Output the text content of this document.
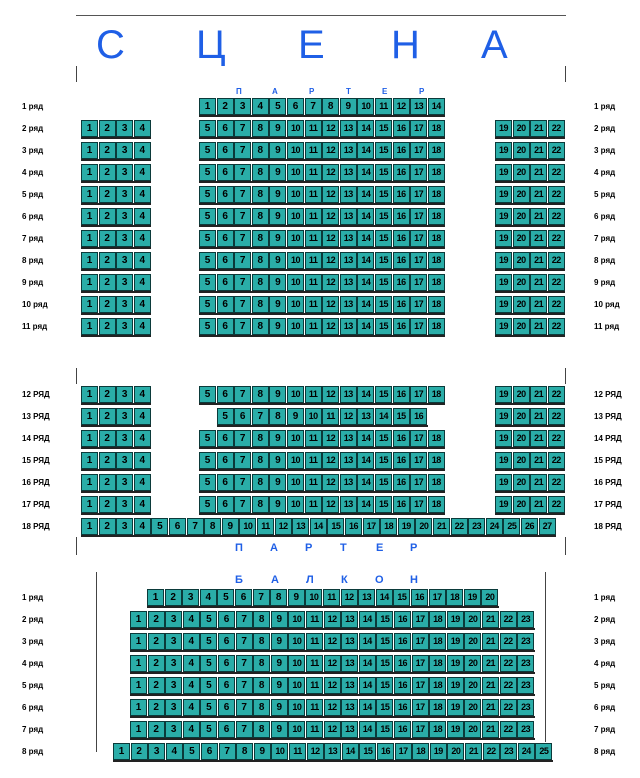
С Ц Е Н А
П	А	Р	Т	Е	Р
П А Р	Т	Е Р
Б	А Л К О Н
1 ряд	1 ряд
1	2	3	4	5	6	7	8	9	10 11 12 13 14
2 ряд	2 ряд
1	2	3	4	5	6	7	8	9	10 11 12 13 14 15 16 17 18	19 20 21 22
3 ряд	3 ряд
1	2	3	4	5	6	7	8	9	10 11 12 13 14 15 16 17 18	19 20 21 22
4 ряд	4 ряд
1	2	3	4	5	6	7	8	9	10 11 12 13 14 15 16 17 18	19 20 21 22
5 ряд	5 ряд
1	2	3	4	5	6	7	8	9	10 11 12 13 14 15 16 17 18	19 20 21 22
6 ряд	6 ряд
1	2	3	4	5	6	7	8	9	10 11 12 13 14 15 16 17 18	19 20 21 22
7 ряд	7 ряд
1	2	3	4	5	6	7	8	9	10 11 12 13 14 15 16 17 18	19 20 21 22
8 ряд	8 ряд
1	2	3	4	5	6	7	8	9	10 11 12 13 14 15 16 17 18	19 20 21 22
9 ряд	9 ряд
1	2	3	4	5	6	7	8	9	10 11 12 13 14 15 16 17 18	19 20 21 22
10 ряд	10 ряд
1	2	3	4	5	6	7	8	9	10 11 12 13 14 15 16 17 18	19 20 21 22
11 ряд	11 ряд
1	2	3	4	5	6	7	8	9	10 11 12 13 14 15 16 17 18	19 20 21 22
12 РЯД	12 РЯД
1	2	3	4	5	6	7	8	9	10 11 12 13 14 15 16 17 18	19 20 21 22
13 РЯД	13 РЯД
1	2	3	4	5	6	7	8	9	10 11 12 13 14 15 16	19 20 21 22
14 РЯД	14 РЯД
1	2	3	4	5	6	7	8	9	10 11 12 13 14 15 16 17 18	19 20 21 22
15 РЯД	15 РЯД
1	2	3	4	5	6	7	8	9	10 11 12 13 14 15 16 17 18	19 20 21 22
16 РЯД	16 РЯД
1	2	3	4	5	6	7	8	9	10 11 12 13 14 15 16 17 18	19 20 21 22
17 РЯД	17 РЯД
1	2	3	4	5	6	7	8	9	10 11 12 13 14 15 16 17 18	19 20 21 22
18 РЯД	18 РЯД
1	2	3	4	5	6	7	8	9	10 11 12 13 14 15 16 17 18 19 20 21 22 23 24 25 26 27
1 ряд	1 ряд
1	2	3	4	5	6	7	8	9	10 11 12 13 14 15 16 17 18 19 20
2 ряд	2 ряд
1	2	3	4	5	6	7	8	9	10 11 12 13 14 15 16 17 18 19 20 21 22 23
3 ряд	3 ряд
1	2	3	4	5	6	7	8	9	10 11 12 13 14 15 16 17 18 19 20 21 22 23
4 ряд	4 ряд
1	2	3	4	5	6	7	8	9	10 11 12 13 14 15 16 17 18 19 20 21 22 23
5 ряд	5 ряд
1	2	3	4	5	6	7	8	9	10 11 12 13 14 15 16 17 18 19 20 21 22 23
6 ряд	6 ряд
1	2	3	4	5	6	7	8	9	10 11 12 13 14 15 16 17 18 19 20 21 22 23
7 ряд	7 ряд
1	2	3	4	5	6	7	8	9	10 11 12 13 14 15 16 17 18 19 20 21 22 23
8 ряд	8 ряд
1	2	3	4	5	6	7	8	9	10 11 12 13 14 15 16 17 18 19 20 21 22 23 24 25
